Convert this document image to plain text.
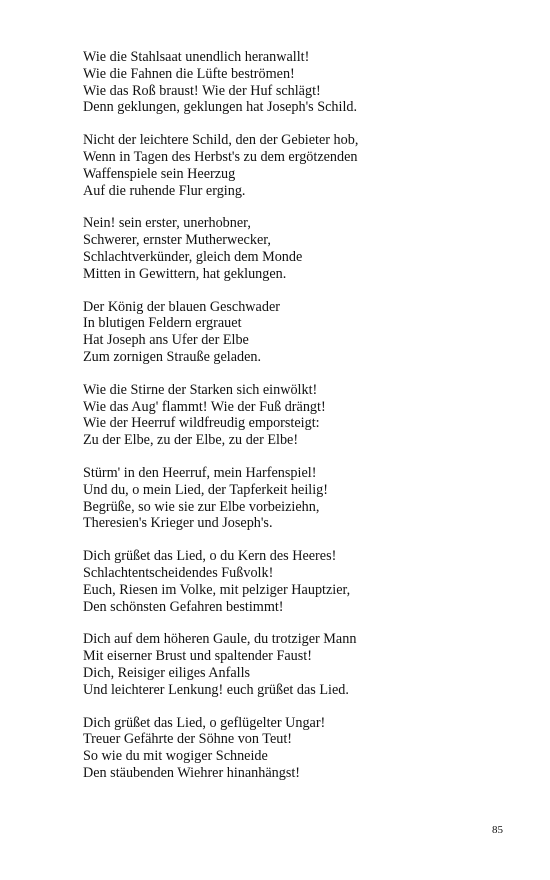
Wie die Stahlsaat unendlich heranwallt!
Wie die Fahnen die Lüfte beströmen!
Wie das Roß braust! Wie der Huf schlägt!
Denn geklungen, geklungen hat Joseph's Schild.
Nicht der leichtere Schild, den der Gebieter hob,
Wenn in Tagen des Herbst's zu dem ergötzenden
Waffenspiele sein Heerzug
Auf die ruhende Flur erging.
Nein! sein erster, unerhobner,
Schwerer, ernster Mutherwecker,
Schlachtverkünder, gleich dem Monde
Mitten in Gewittern, hat geklungen.
Der König der blauen Geschwader
In blutigen Feldern ergrauet
Hat Joseph ans Ufer der Elbe
Zum zornigen Strauße geladen.
Wie die Stirne der Starken sich einwölkt!
Wie das Aug' flammt! Wie der Fuß drängt!
Wie der Heerruf wildfreudig emporsteigt:
Zu der Elbe, zu der Elbe, zu der Elbe!
Stürm' in den Heerruf, mein Harfenspiel!
Und du, o mein Lied, der Tapferkeit heilig!
Begrüße, so wie sie zur Elbe vorbeiziehn,
Theresien's Krieger und Joseph's.
Dich grüßet das Lied, o du Kern des Heeres!
Schlachtentscheidendes Fußvolk!
Euch, Riesen im Volke, mit pelziger Hauptzier,
Den schönsten Gefahren bestimmt!
Dich auf dem höheren Gaule, du trotziger Mann
Mit eiserner Brust und spaltender Faust!
Dich, Reisiger eiliges Anfalls
Und leichterer Lenkung! euch grüßet das Lied.
Dich grüßet das Lied, o geflügelter Ungar!
Treuer Gefährte der Söhne von Teut!
So wie du mit wogiger Schneide
Den stäubenden Wiehrer hinanhängst!
85
